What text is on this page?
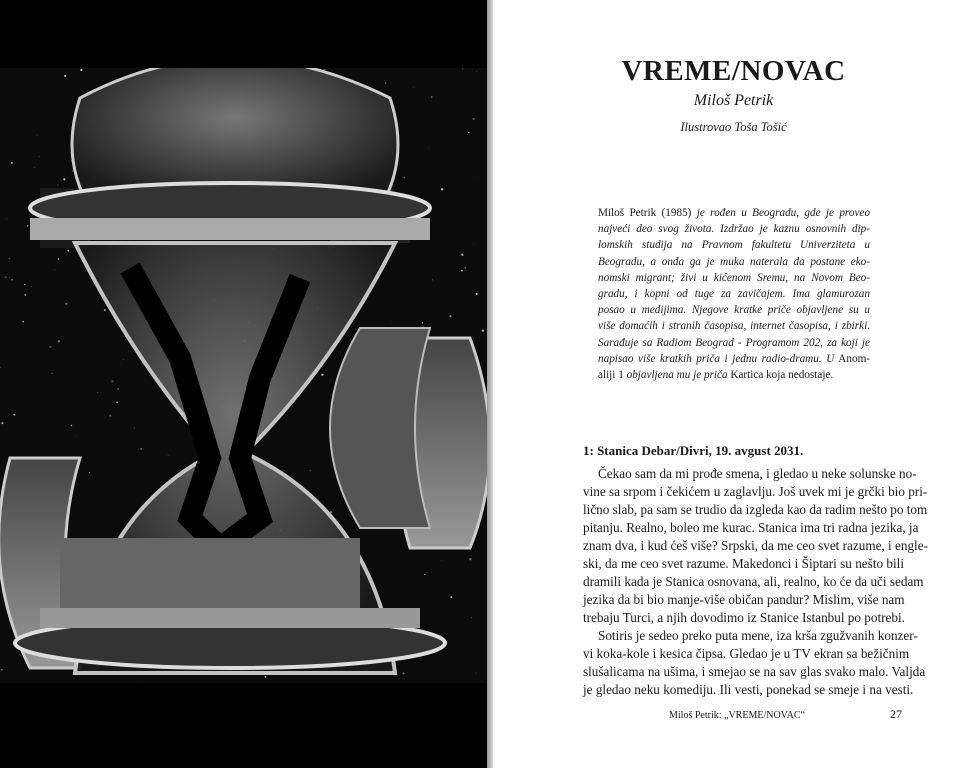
VREME/NOVAC
Miloš Petrik
Ilustrovao Toša Tošić
Miloš Petrik (1985) je rođen u Beogradu, gde je proveo
najveći deo svog života. Izdržao je kaznu osnovnih dip-
lomskih studija na Pravnom fakultetu Univerziteta u
Beogradu, a onda ga je muka naterala da postane eko-
nomski migrant; živi u kićenom Sremu, na Novom Beo-
gradu, i kopni od tuge za zavičajem. Ima glamurozan
posao u medijima. Njegove kratke priče objavljene su u
više domaćih i stranih časopisa, internet časopisa, i zbirki.
Sarađuje sa Radiom Beograd - Programom 202, za koji je
napisao više kratkih priča i jednu radio-dramu. U Anom-
aliji 1 objavljena mu je priča Kartica koja nedostaje.
1: Stanica Debar/Divri, 19. avgust 2031.
Čekao sam da mi prođe smena, i gledao u neke solunske no-
vine sa srpom i čekićem u zaglavlju. Još uvek mi je grčki bio pri-
lično slab, pa sam se trudio da izgleda kao da radim nešto po tom
pitanju. Realno, boleo me kurac. Stanica ima tri radna jezika, ja
znam dva, i kud ćeš više? Srpski, da me ceo svet razume, i engle-
ski, da me ceo svet razume. Makedonci i Šiptari su nešto bili
dramili kada je Stanica osnovana, ali, realno, ko će da uči sedam
jezika da bi bio manje-više običan pandur? Mislim, više nam
trebaju Turci, a njih dovodimo iz Stanice Istanbul po potrebi.
Sotiris je sedeo preko puta mene, iza krša zgužvanih konzer-
vi koka-kole i kesica čipsa. Gledao je u TV ekran sa bežičnim
slušalicama na ušima, i smejao se na sav glas svako malo. Valjda
je gledao neku komediju. Ili vesti, ponekad se smeje i na vesti.
Miloš Petrik: „VREME/NOVAC“	27
